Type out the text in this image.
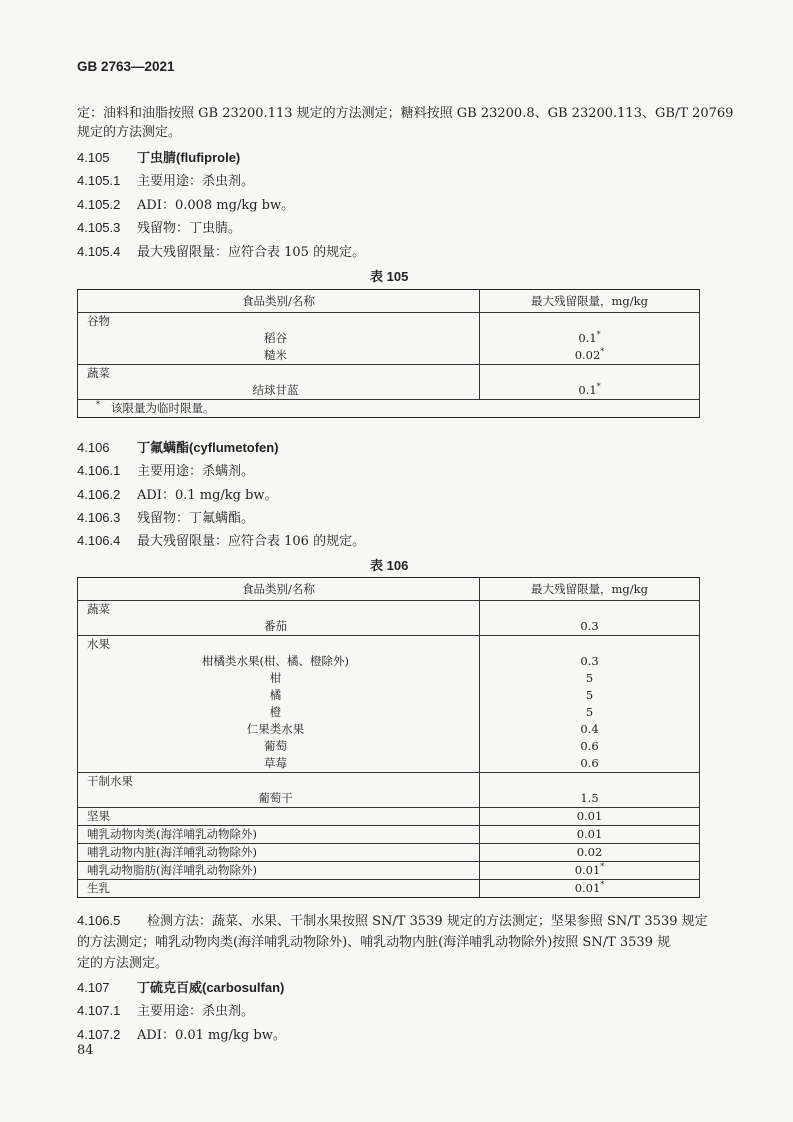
GB 2763—2021
定：油料和油脂按照 GB 23200.113 规定的方法测定；糖料按照 GB 23200.8、GB 23200.113、GB/T 20769
规定的方法测定。
4.105 丁虫腈(flufiprole)
4.105.1 主要用途：杀虫剂。
4.105.2 ADI：0.008 mg/kg bw。
4.105.3 残留物：丁虫腈。
4.105.4 最大残留限量：应符合表 105 的规定。
表 105
食品类别/名称	最大残留限量，mg/kg
谷物	
稻谷	0.1*
糙米	0.02*
蔬菜	
结球甘蓝	0.1*
* 该限量为临时限量。	
4.106 丁氟螨酯(cyflumetofen)
4.106.1 主要用途：杀螨剂。
4.106.2 ADI：0.1 mg/kg bw。
4.106.3 残留物：丁氟螨酯。
4.106.4 最大残留限量：应符合表 106 的规定。
表 106
食品类别/名称	最大残留限量，mg/kg
蔬菜	
番茄	0.3
水果	
柑橘类水果(柑、橘、橙除外)	0.3
柑	5
橘	5
橙	5
仁果类水果	0.4
葡萄	0.6
草莓	0.6
干制水果	
葡萄干	1.5
坚果	0.01
哺乳动物肉类(海洋哺乳动物除外)	0.01
哺乳动物内脏(海洋哺乳动物除外)	0.02
哺乳动物脂肪(海洋哺乳动物除外)	0.01*
生乳	0.01*
4.106.5 检测方法：蔬菜、水果、干制水果按照 SN/T 3539 规定的方法测定；坚果参照 SN/T 3539 规定
的方法测定；哺乳动物肉类(海洋哺乳动物除外)、哺乳动物内脏(海洋哺乳动物除外)按照 SN/T 3539 规
定的方法测定。
4.107 丁硫克百威(carbosulfan)
4.107.1 主要用途：杀虫剂。
4.107.2 ADI：0.01 mg/kg bw。
84
